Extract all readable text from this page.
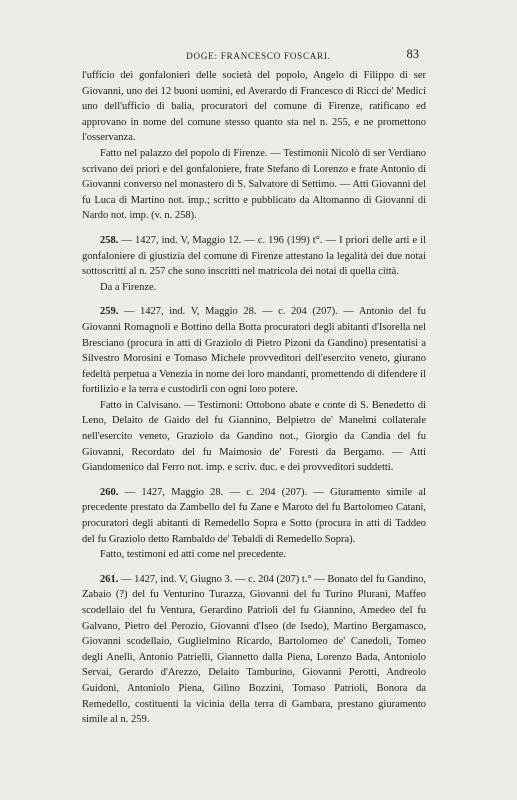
DOGE: FRANCESCO FOSCARI.	83

l'ufficio dei gonfalonieri delle società del popolo, Angelo di Filippo di ser Giovanni, uno dei 12 buoni uomini, ed Averardo di Francesco di Ricci de' Medici uno dell'ufficio di balia, procuratori del comune di Firenze, ratificano ed approvano in nome del comune stesso quanto sta nel n. 255, e ne promettono l'osservanza.

Fatto nel palazzo del popolo di Firenze. — Testimonii Nicolò di ser Verdiano scrivano dei priori e del gonfaloniere, frate Stefano di Lorenzo e frate Antonio di Giovanni converso nel monastero di S. Salvatore di Settimo. — Atti Giovanni del fu Luca di Martino not. imp.; scritto e pubblicato da Altomanno di Giovanni di Nardo not. imp. (v. n. 258).

258. — 1427, ind. V, Maggio 12. — c. 196 (199) t°. — I priori delle arti e il gonfaloniere di giustizia del comune di Firenze attestano la legalità dei due notai sottoscritti al n. 257 che sono inscritti nel matricola dei notai di quella città.

Da a Firenze.

259. — 1427, ind. V, Maggio 28. — c. 204 (207). — Antonio del fu Giovanni Romagnoli e Bottino della Botta procuratori degli abitanti d'Isorella nel Bresciano (procura in atti di Graziolo di Pietro Pizoni da Gandino) presentatisi a Silvestro Morosini e Tomaso Michele provveditori dell'esercito veneto, giurano fedeltà perpetua a Venezia in nome dei loro mandanti, promettendo di difendere il fortilizio e la terra e custodirli con ogni loro potere.

Fatto in Calvisano. — Testimoni: Ottobono abate e conte di S. Benedetto di Leno, Delaito de Gaido del fu Giannino, Belpietro de' Manelmi collaterale nell'esercito veneto, Graziolo da Gandino not., Giorgio da Candia del fu Giovanni, Recordato del fu Maimosio de' Foresti da Bergamo. — Atti Giandomenico dal Ferro not. imp. e scriv. duc. e dei provveditori suddetti.

260. — 1427, Maggio 28. — c. 204 (207). — Giuramento simile al precedente prestato da Zambello del fu Zane e Maroto del fu Bartolomeo Catani, procuratori degli abitanti di Remedello Sopra e Sotto (procura in atti di Taddeo del fu Graziolo detto Rambaldo de' Tebaldi di Remedello Sopra).

Fatto, testimoni ed atti come nel precedente.

261. — 1427, ind. V, Giugno 3. — c. 204 (207) t.° — Bonato del fu Gandino, Zabaio (?) del fu Venturino Turazza, Giovanni del fu Turino Plurani, Maffeo scodellaio del fu Ventura, Gerardino Patrioli del fu Giannino, Amedeo del fu Galvano, Pietro del Perozio, Giovanni d'Iseo (de Isedo), Martino Bergamasco, Giovanni scodellaio, Guglielmino Ricardo, Bartolomeo de' Canedoli, Tomeo degli Anelli, Antonio Patrielli, Giannetto dalla Piena, Lorenzo Bada, Antoniolo Servai, Gerardo d'Arezzo, Delaito Tamburino, Giovanni Perotti, Andreolo Guidoni, Antoniolo Piena, Gilino Bozzini, Tomaso Patrioli, Bonora da Remedello, costituenti la vicinia della terra di Gambara, prestano giuramento simile al n. 259.
